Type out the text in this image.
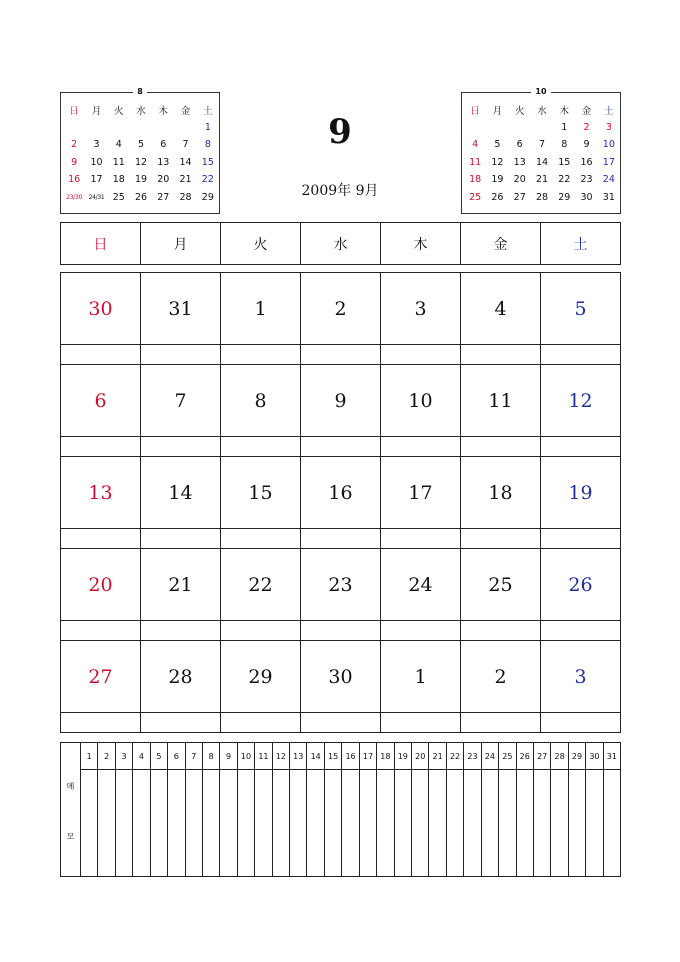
8
日	月	火	水	木	金	土
						1
2	3	4	5	6	7	8
9	10	11	12	13	14	15
16	17	18	19	20	21	22
23/30	24/31	25	26	27	28	29
10
日	月	火	水	木	金	土
				1	2	3
4	5	6	7	8	9	10
11	12	13	14	15	16	17
18	19	20	21	22	23	24
25	26	27	28	29	30	31
9
2009年 9月
日	月	火	水	木	金	土
30	31	1	2	3	4	5
6	7	8	9	10	11	12
13	14	15	16	17	18	19
20	21	22	23	24	25	26
27	28	29	30	1	2	3
메
모
1	2	3	4	5	6	7	8	9	10 11 12 13 14 15 16 17 18 19 20 21 22 23 24 25 26 27 28 29 30 31
